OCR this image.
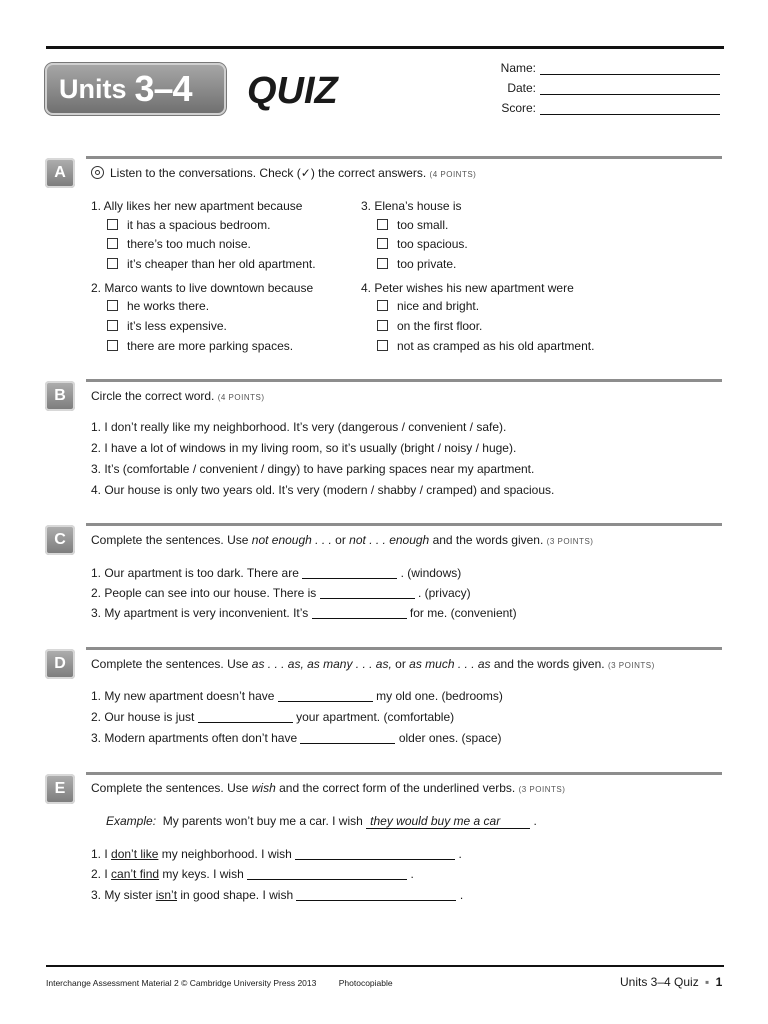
Units 3–4 QUIZ
Name:
Date:
Score:
A	Listen to the conversations. Check (✓) the correct answers. (4 POINTS)
1. Ally likes her new apartment because
it has a spacious bedroom.
there’s too much noise.
it’s cheaper than her old apartment.
2. Marco wants to live downtown because
he works there.
it’s less expensive.
there are more parking spaces.
3. Elena’s house is
too small.
too spacious.
too private.
4. Peter wishes his new apartment were
nice and bright.
on the first floor.
not as cramped as his old apartment.
B	Circle the correct word. (4 POINTS)
1. I don’t really like my neighborhood. It’s very (dangerous / convenient / safe).
2. I have a lot of windows in my living room, so it’s usually (bright / noisy / huge).
3. It’s (comfortable / convenient / dingy) to have parking spaces near my apartment.
4. Our house is only two years old. It’s very (modern / shabby / cramped) and spacious.
C	Complete the sentences. Use not enough . . . or not . . . enough and the words given. (3 POINTS)
1. Our apartment is too dark. There are	. (windows)
2. People can see into our house. There is	. (privacy)
3. My apartment is very inconvenient. It’s	for me. (convenient)
D	Complete the sentences. Use as . . . as, as many . . . as, or as much . . . as and the words given. (3 POINTS)
1. My new apartment doesn’t have	my old one. (bedrooms)
2. Our house is just	your apartment. (comfortable)
3. Modern apartments often don’t have	older ones. (space)
E	Complete the sentences. Use wish and the correct form of the underlined verbs. (3 POINTS)
Example: My parents won’t buy me a car. I wish they would buy me a car .
1. I don’t like my neighborhood. I wish	.
2. I can’t find my keys. I wish	.
3. My sister isn’t in good shape. I wish	.
Interchange Assessment Material 2 © Cambridge University Press 2013	Photocopiable	Units 3–4 Quiz ▪ 1
